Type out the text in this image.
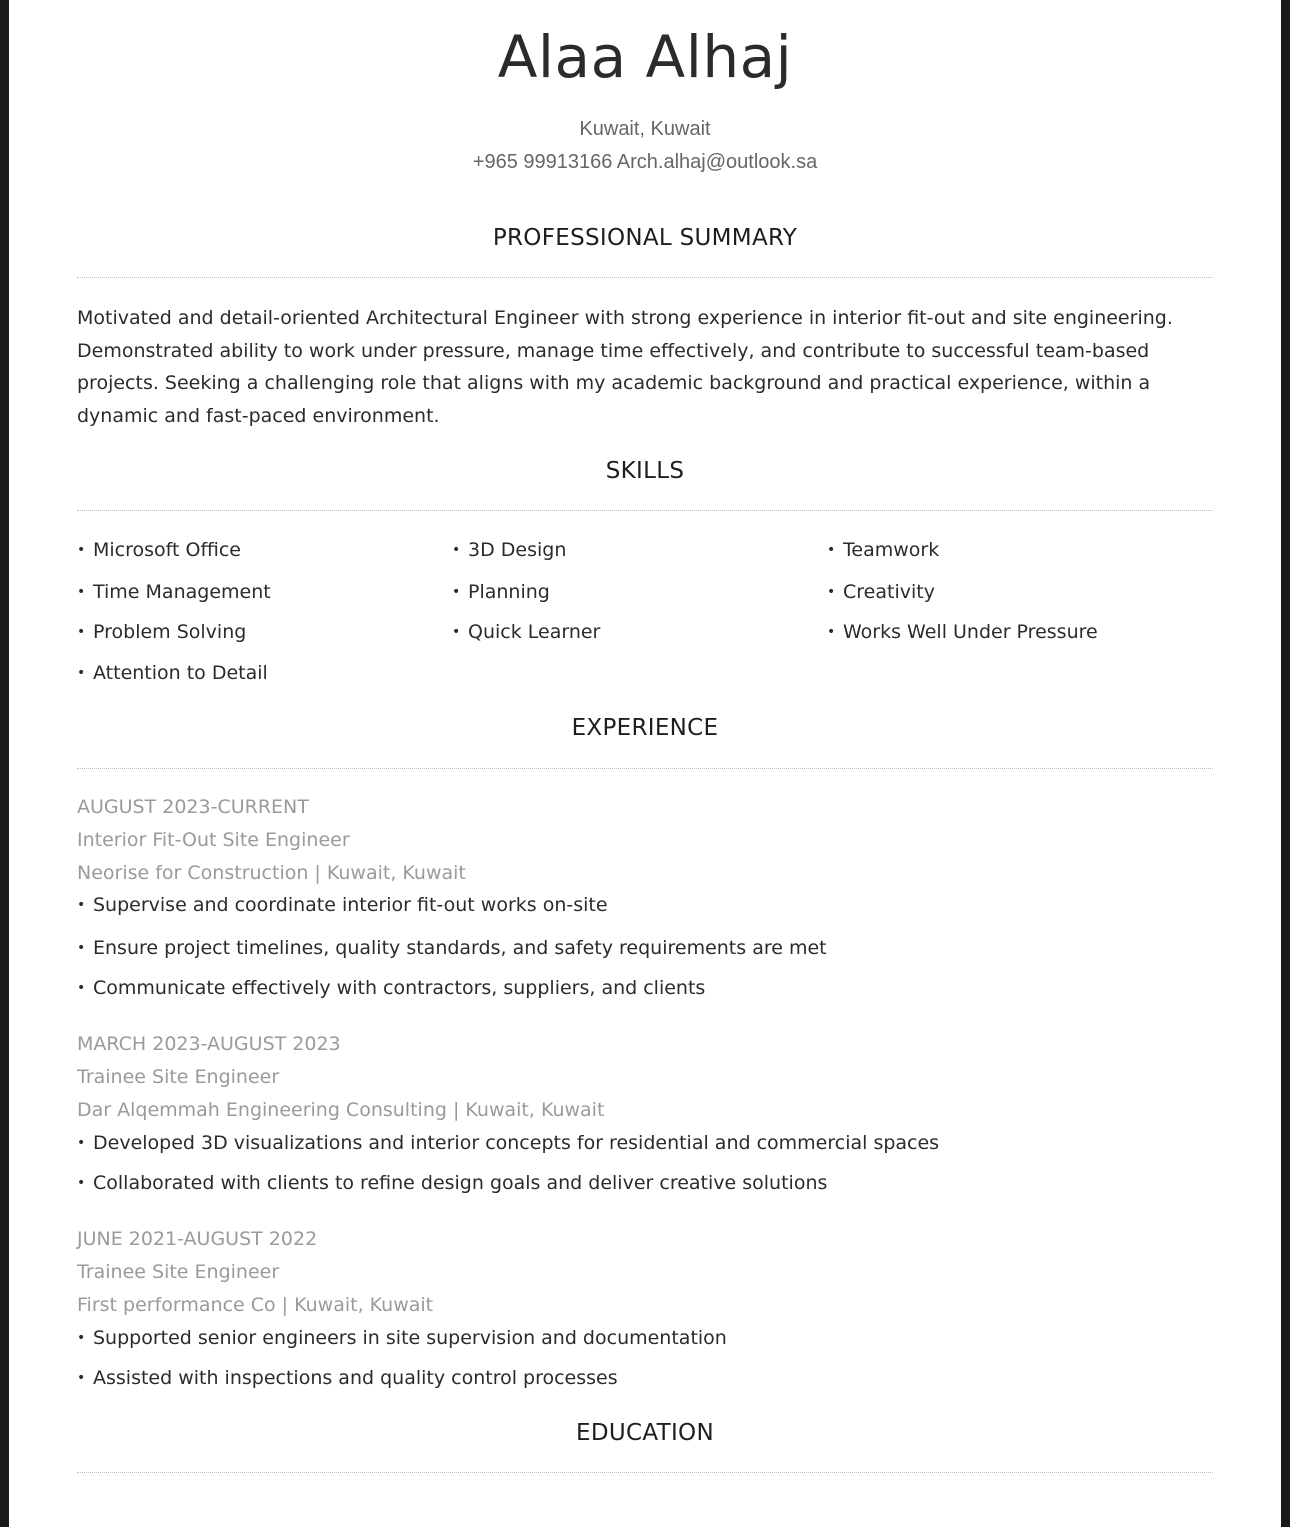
Alaa Alhaj
Kuwait, Kuwait
+965 99913166 Arch.alhaj@outlook.sa
PROFESSIONAL SUMMARY
Motivated and detail-oriented Architectural Engineer with strong experience in interior fit-out and site engineering. Demonstrated ability to work under pressure, manage time effectively, and contribute to successful team-based projects. Seeking a challenging role that aligns with my academic background and practical experience, within a dynamic and fast-paced environment.
SKILLS
• Microsoft Office	• 3D Design	• Teamwork
• Time Management	• Planning	• Creativity
• Problem Solving	• Quick Learner	• Works Well Under Pressure
• Attention to Detail
EXPERIENCE
AUGUST 2023-CURRENT
Interior Fit-Out Site Engineer
Neorise for Construction | Kuwait, Kuwait
• Supervise and coordinate interior fit-out works on-site
• Ensure project timelines, quality standards, and safety requirements are met
• Communicate effectively with contractors, suppliers, and clients
MARCH 2023-AUGUST 2023
Trainee Site Engineer
Dar Alqemmah Engineering Consulting | Kuwait, Kuwait
• Developed 3D visualizations and interior concepts for residential and commercial spaces
• Collaborated with clients to refine design goals and deliver creative solutions
JUNE 2021-AUGUST 2022
Trainee Site Engineer
First performance Co | Kuwait, Kuwait
• Supported senior engineers in site supervision and documentation
• Assisted with inspections and quality control processes
EDUCATION
